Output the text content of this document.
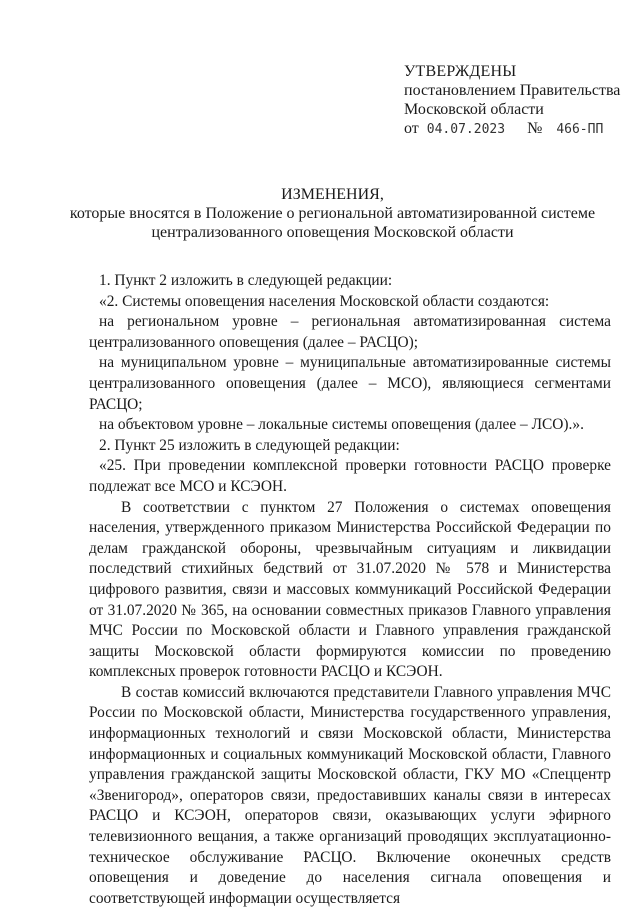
УТВЕРЖДЕНЫ
постановлением Правительства
Московской области
от 04.07.2023 № 466-ПП
ИЗМЕНЕНИЯ,
которые вносятся в Положение о региональной автоматизированной системе
централизованного оповещения Московской области

1. Пункт 2 изложить в следующей редакции:

«2. Системы оповещения населения Московской области создаются:

на региональном уровне – региональная автоматизированная система централизованного оповещения (далее – РАСЦО);

на муниципальном уровне – муниципальные автоматизированные системы централизованного оповещения (далее – МСО), являющиеся сегментами РАСЦО;

на объектовом уровне – локальные системы оповещения (далее – ЛСО).».

2. Пункт 25 изложить в следующей редакции:

«25. При проведении комплексной проверки готовности РАСЦО проверке подлежат все МСО и КСЭОН.

В соответствии с пунктом 27 Положения о системах оповещения населения, утвержденного приказом Министерства Российской Федерации по делам гражданской обороны, чрезвычайным ситуациям и ликвидации последствий стихийных бедствий от 31.07.2020 № 578 и Министерства цифрового развития, связи и массовых коммуникаций Российской Федерации от 31.07.2020 № 365, на основании совместных приказов Главного управления МЧС России по Московской области и Главного управления гражданской защиты Московской области формируются комиссии по проведению комплексных проверок готовности РАСЦО и КСЭОН.

В состав комиссий включаются представители Главного управления МЧС России по Московской области, Министерства государственного управления, информационных технологий и связи Московской области, Министерства информационных и социальных коммуникаций Московской области, Главного управления гражданской защиты Московской области, ГКУ МО «Спеццентр «Звенигород», операторов связи, предоставивших каналы связи в интересах РАСЦО и КСЭОН, операторов связи, оказывающих услуги эфирного телевизионного вещания, а также организаций проводящих эксплуатационно-техническое обслуживание РАСЦО. Включение оконечных средств оповещения и доведение до населения сигнала оповещения и соответствующей информации осуществляется
